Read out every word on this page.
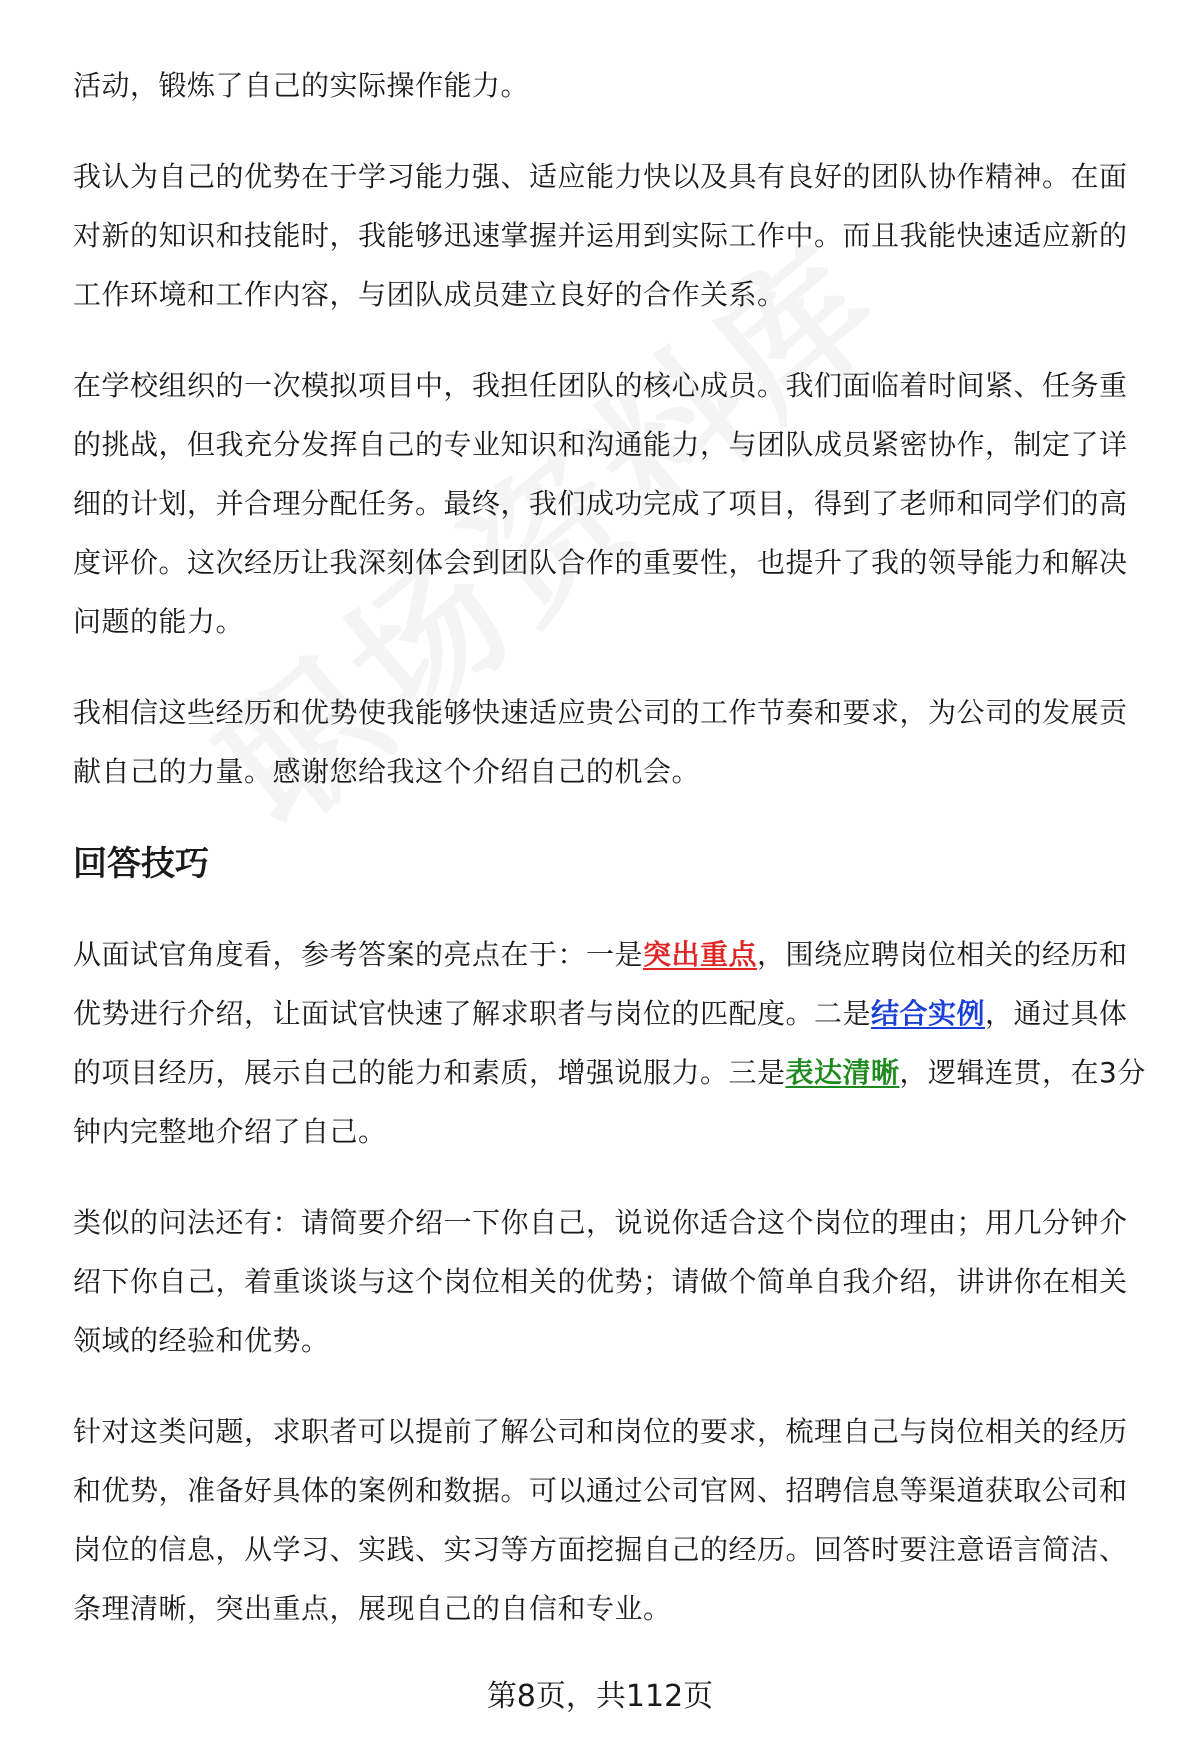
活动，锻炼了自己的实际操作能力。

我认为自己的优势在于学习能力强、适应能力快以及具有良好的团队协作精神。在面对新的知识和技能时，我能够迅速掌握并运用到实际工作中。而且我能快速适应新的工作环境和工作内容，与团队成员建立良好的合作关系。

在学校组织的一次模拟项目中，我担任团队的核心成员。我们面临着时间紧、任务重的挑战，但我充分发挥自己的专业知识和沟通能力，与团队成员紧密协作，制定了详细的计划，并合理分配任务。最终，我们成功完成了项目，得到了老师和同学们的高度评价。这次经历让我深刻体会到团队合作的重要性，也提升了我的领导能力和解决问题的能力。

我相信这些经历和优势使我能够快速适应贵公司的工作节奏和要求，为公司的发展贡献自己的力量。感谢您给我这个介绍自己的机会。

回答技巧

从面试官角度看，参考答案的亮点在于：一是突出重点，围绕应聘岗位相关的经历和优势进行介绍，让面试官快速了解求职者与岗位的匹配度。二是结合实例，通过具体的项目经历，展示自己的能力和素质，增强说服力。三是表达清晰，逻辑连贯，在3分钟内完整地介绍了自己。

类似的问法还有：请简要介绍一下你自己，说说你适合这个岗位的理由；用几分钟介绍下你自己，着重谈谈与这个岗位相关的优势；请做个简单自我介绍，讲讲你在相关领域的经验和优势。

针对这类问题，求职者可以提前了解公司和岗位的要求，梳理自己与岗位相关的经历和优势，准备好具体的案例和数据。可以通过公司官网、招聘信息等渠道获取公司和岗位的信息，从学习、实践、实习等方面挖掘自己的经历。回答时要注意语言简洁、条理清晰，突出重点，展现自己的自信和专业。

第8页，共112页
